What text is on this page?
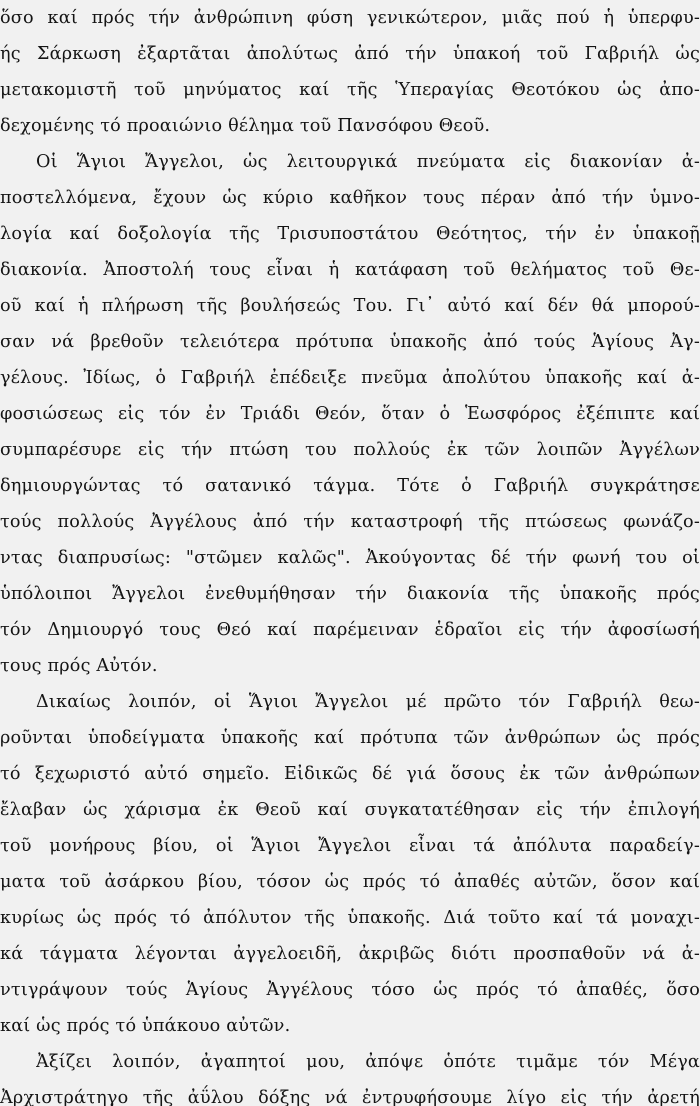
ὅσο καί πρός τήν ἀνθρώπινη φύση γενικώτερον, μιᾶς πού ἡ ὑπερφυ-
ής Σάρκωση ἐξαρτᾶται ἀπολύτως ἀπό τήν ὑπακοή τοῦ Γαβριήλ ὡς
μετακομιστῆ τοῦ μηνύματος καί τῆς Ὑπεραγίας Θεοτόκου ὡς ἀπο-
δεχομένης τό προαιώνιο θέλημα τοῦ Πανσόφου Θεοῦ.
Οἱ Ἅγιοι Ἄγγελοι, ὡς λειτουργικά πνεύματα εἰς διακονίαν ἀ-
ποστελλόμενα, ἔχουν ὡς κύριο καθῆκον τους πέραν ἀπό τήν ὑμνο-
λογία καί δοξολογία τῆς Τρισυποστάτου Θεότητος, τήν ἐν ὑπακοῇ
διακονία. Ἀποστολή τους εἶναι ἡ κατάφαση τοῦ θελήματος τοῦ Θε-
οῦ καί ἡ πλήρωση τῆς βουλήσεώς Του. Γι᾿ αὐτό καί δέν θά μπορού-
σαν νά βρεθοῦν τελειότερα πρότυπα ὑπακοῆς ἀπό τούς Ἁγίους Ἀγ-
γέλους. Ἰδίως, ὁ Γαβριήλ ἐπέδειξε πνεῦμα ἀπολύτου ὑπακοῆς καί ἀ-
φοσιώσεως εἰς τόν ἐν Τριάδι Θεόν, ὅταν ὁ Ἑωσφόρος ἐξέπιπτε καί
συμπαρέσυρε εἰς τήν πτώση του πολλούς ἐκ τῶν λοιπῶν Ἀγγέλων
δημιουργώντας τό σατανικό τάγμα. Τότε ὁ Γαβριήλ συγκράτησε
τούς πολλούς Ἀγγέλους ἀπό τήν καταστροφή τῆς πτώσεως φωνάζο-
ντας διαπρυσίως: "στῶμεν καλῶς". Ἀκούγοντας δέ τήν φωνή του οἱ
ὑπόλοιποι Ἄγγελοι ἐνεθυμήθησαν τήν διακονία τῆς ὑπακοῆς πρός
τόν Δημιουργό τους Θεό καί παρέμειναν ἑδραῖοι εἰς τήν ἀφοσίωσή
τους πρός Αὐτόν.
Δικαίως λοιπόν, οἱ Ἅγιοι Ἄγγελοι μέ πρῶτο τόν Γαβριήλ θεω-
ροῦνται ὑποδείγματα ὑπακοῆς καί πρότυπα τῶν ἀνθρώπων ὡς πρός
τό ξεχωριστό αὐτό σημεῖο. Εἰδικῶς δέ γιά ὅσους ἐκ τῶν ἀνθρώπων
ἔλαβαν ὡς χάρισμα ἐκ Θεοῦ καί συγκατατέθησαν εἰς τήν ἐπιλογή
τοῦ μονήρους βίου, οἱ Ἅγιοι Ἄγγελοι εἶναι τά ἀπόλυτα παραδείγ-
ματα τοῦ ἀσάρκου βίου, τόσον ὡς πρός τό ἀπαθές αὐτῶν, ὅσον καί
κυρίως ὡς πρός τό ἀπόλυτον τῆς ὑπακοῆς. Διά τοῦτο καί τά μοναχι-
κά τάγματα λέγονται ἀγγελοειδῆ, ἀκριβῶς διότι προσπαθοῦν νά ἀ-
ντιγράψουν τούς Ἁγίους Ἀγγέλους τόσο ὡς πρός τό ἀπαθές, ὅσο
καί ὡς πρός τό ὑπάκουο αὐτῶν.
Ἀξίζει λοιπόν, ἀγαπητοί μου, ἀπόψε ὁπότε τιμᾶμε τόν Μέγα
Ἀρχιστράτηγο τῆς ἀΰλου δόξης νά ἐντρυφήσουμε λίγο εἰς τήν ἀρετή
